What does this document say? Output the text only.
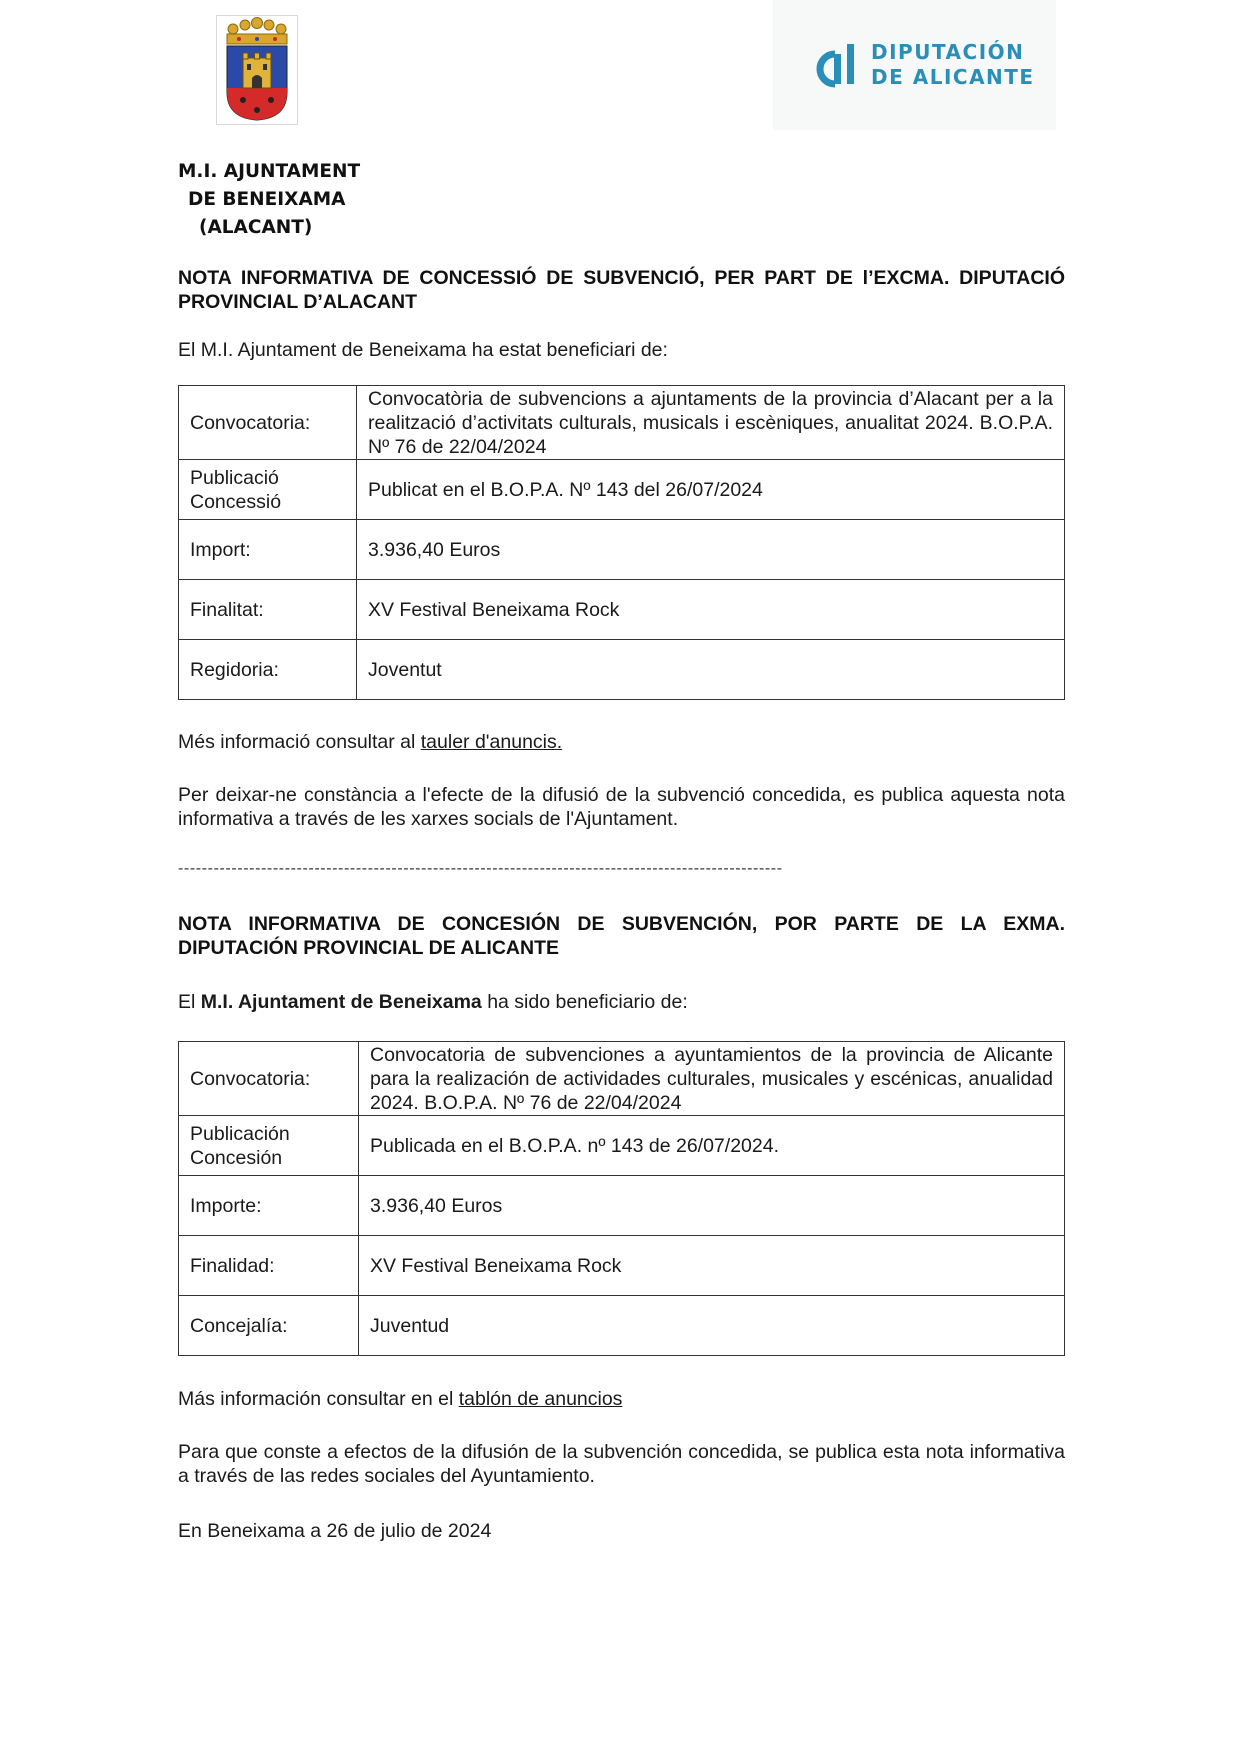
DIPUTACIÓN
DE ALICANTE
M.I. AJUNTAMENT
DE BENEIXAMA
(ALACANT)
NOTA INFORMATIVA DE CONCESSIÓ DE SUBVENCIÓ, PER PART DE l’EXCMA. DIPUTACIÓ PROVINCIAL D’ALACANT
El M.I. Ajuntament de Beneixama ha estat beneficiari de:
Convocatoria:	Convocatòria de subvencions a ajuntaments de la provincia d’Alacant per a la realització d’activitats culturals, musicals i escèniques, anualitat 2024. B.O.P.A. Nº 76 de 22/04/2024
Publicació Concessió	Publicat en el B.O.P.A. Nº 143 del 26/07/2024
Import:	3.936,40 Euros
Finalitat:	XV Festival Beneixama Rock
Regidoria:	Joventut
Més informació consultar al tauler d'anuncis.
Per deixar-ne constància a l'efecte de la difusió de la subvenció concedida, es publica aquesta nota informativa a través de les xarxes socials de l'Ajuntament.
------------------------------------------------------------------------------------------------------
NOTA INFORMATIVA DE CONCESIÓN DE SUBVENCIÓN, POR PARTE DE LA EXMA. DIPUTACIÓN PROVINCIAL DE ALICANTE
El M.I. Ajuntament de Beneixama ha sido beneficiario de:
Convocatoria:	Convocatoria de subvenciones a ayuntamientos de la provincia de Alicante para la realización de actividades culturales, musicales y escénicas, anualidad 2024. B.O.P.A. Nº 76 de 22/04/2024
Publicación Concesión	Publicada en el B.O.P.A. nº 143 de 26/07/2024.
Importe:	3.936,40 Euros
Finalidad:	XV Festival Beneixama Rock
Concejalía:	Juventud
Más información consultar en el tablón de anuncios
Para que conste a efectos de la difusión de la subvención concedida, se publica esta nota informativa a través de las redes sociales del Ayuntamiento.
En Beneixama a 26 de julio de 2024
